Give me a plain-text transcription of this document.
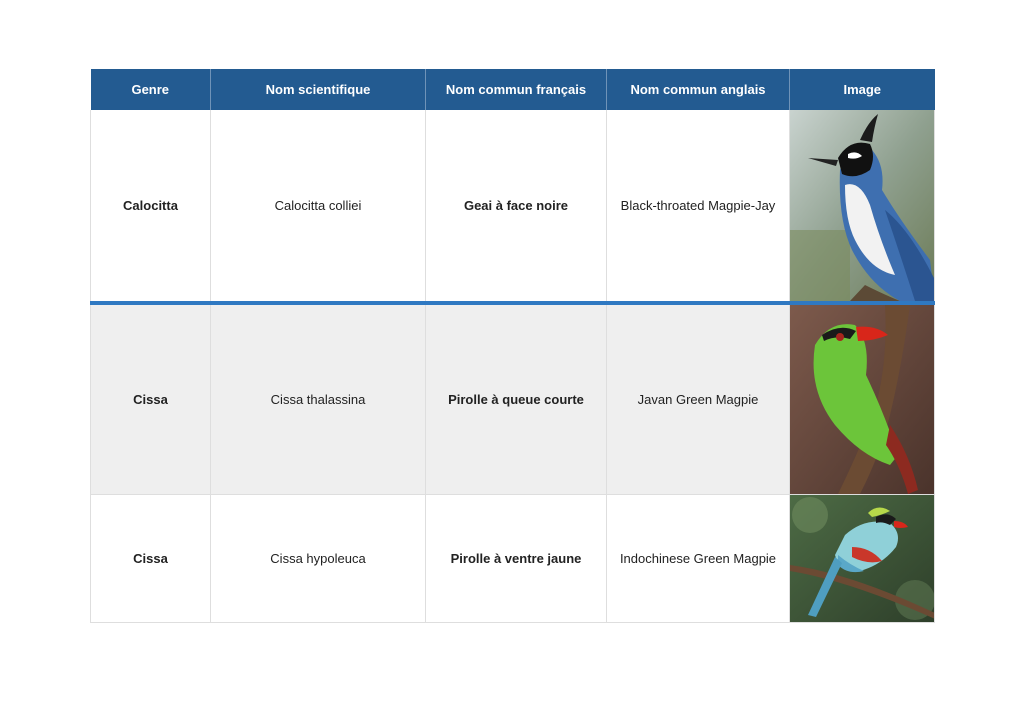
Genre	Nom scientifique	Nom commun français	Nom commun anglais	Image
Calocitta	Calocitta colliei	Geai à face noire	Black-throated Magpie-Jay	

Cissa	Cissa thalassina	Pirolle à queue courte	Javan Green Magpie	

Cissa	Cissa hypoleuca	Pirolle à ventre jaune	Indochinese Green Magpie	
